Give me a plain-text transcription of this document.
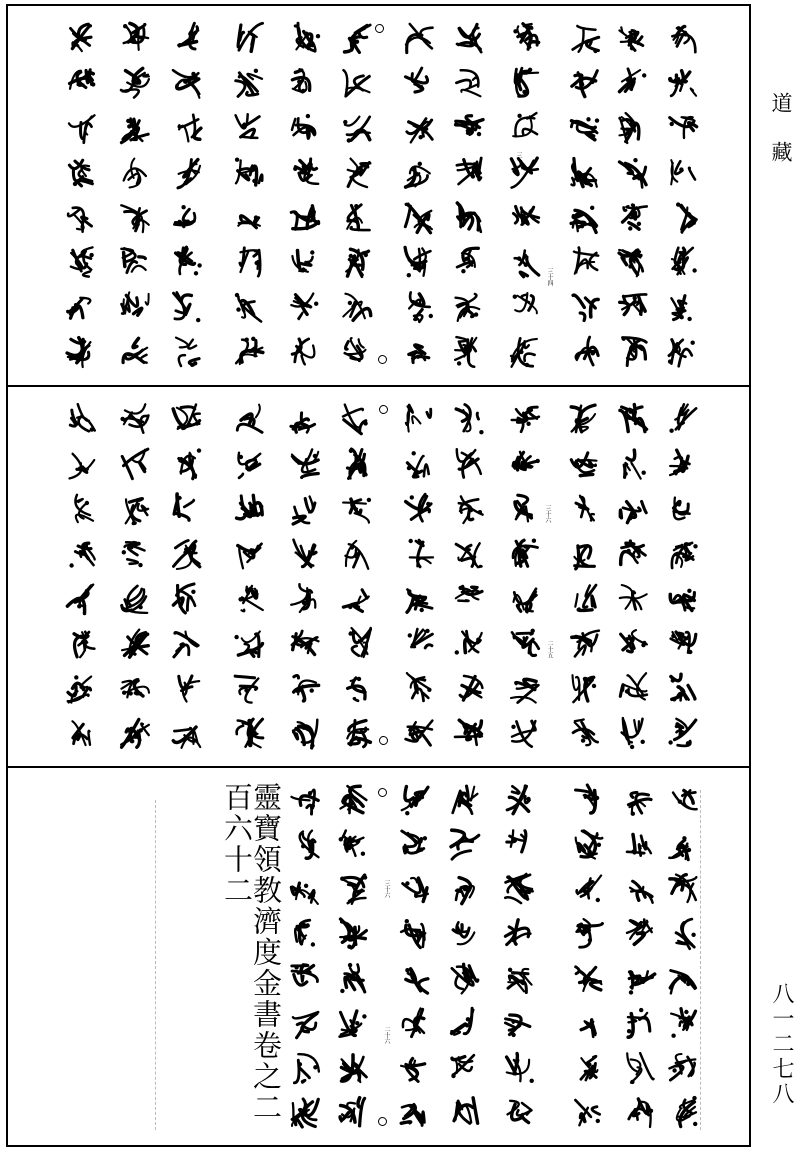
靈寶領教濟度金書卷之二百六十二
道藏
八一二七八
三十四
三十六
二十五
三十六
三十六
二十六
